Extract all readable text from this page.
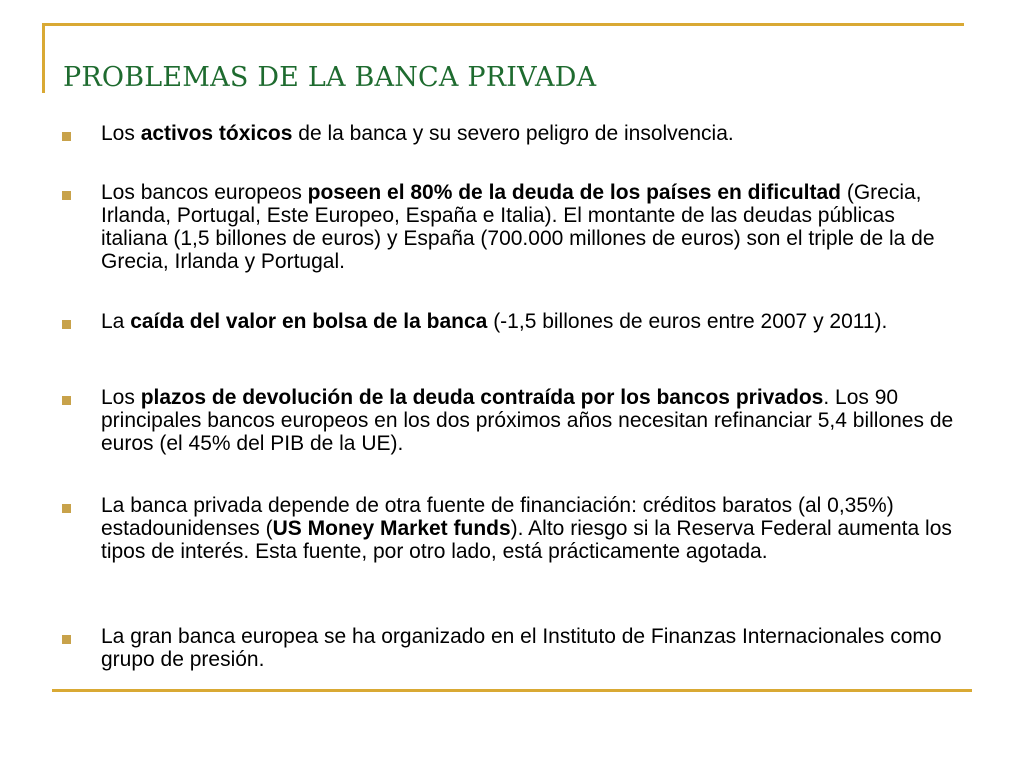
PROBLEMAS DE LA BANCA PRIVADA
Los activos tóxicos de la banca y su severo peligro de insolvencia.
Los bancos europeos poseen el 80% de la deuda de los países en dificultad (Grecia, Irlanda, Portugal, Este Europeo, España e Italia). El montante de las deudas públicas italiana (1,5 billones de euros) y España (700.000 millones de euros) son el triple de la de Grecia, Irlanda y Portugal.
La caída del valor en bolsa de la banca (-1,5 billones de euros entre 2007 y 2011).
Los plazos de devolución de la deuda contraída por los bancos privados. Los 90 principales bancos europeos en los dos próximos años necesitan refinanciar 5,4 billones de euros (el 45% del PIB de la UE).
La banca privada depende de otra fuente de financiación: créditos baratos (al 0,35%) estadounidenses (US Money Market funds). Alto riesgo si la Reserva Federal aumenta los tipos de interés. Esta fuente, por otro lado, está prácticamente agotada.
La gran banca europea se ha organizado en el Instituto de Finanzas Internacionales como grupo de presión.
